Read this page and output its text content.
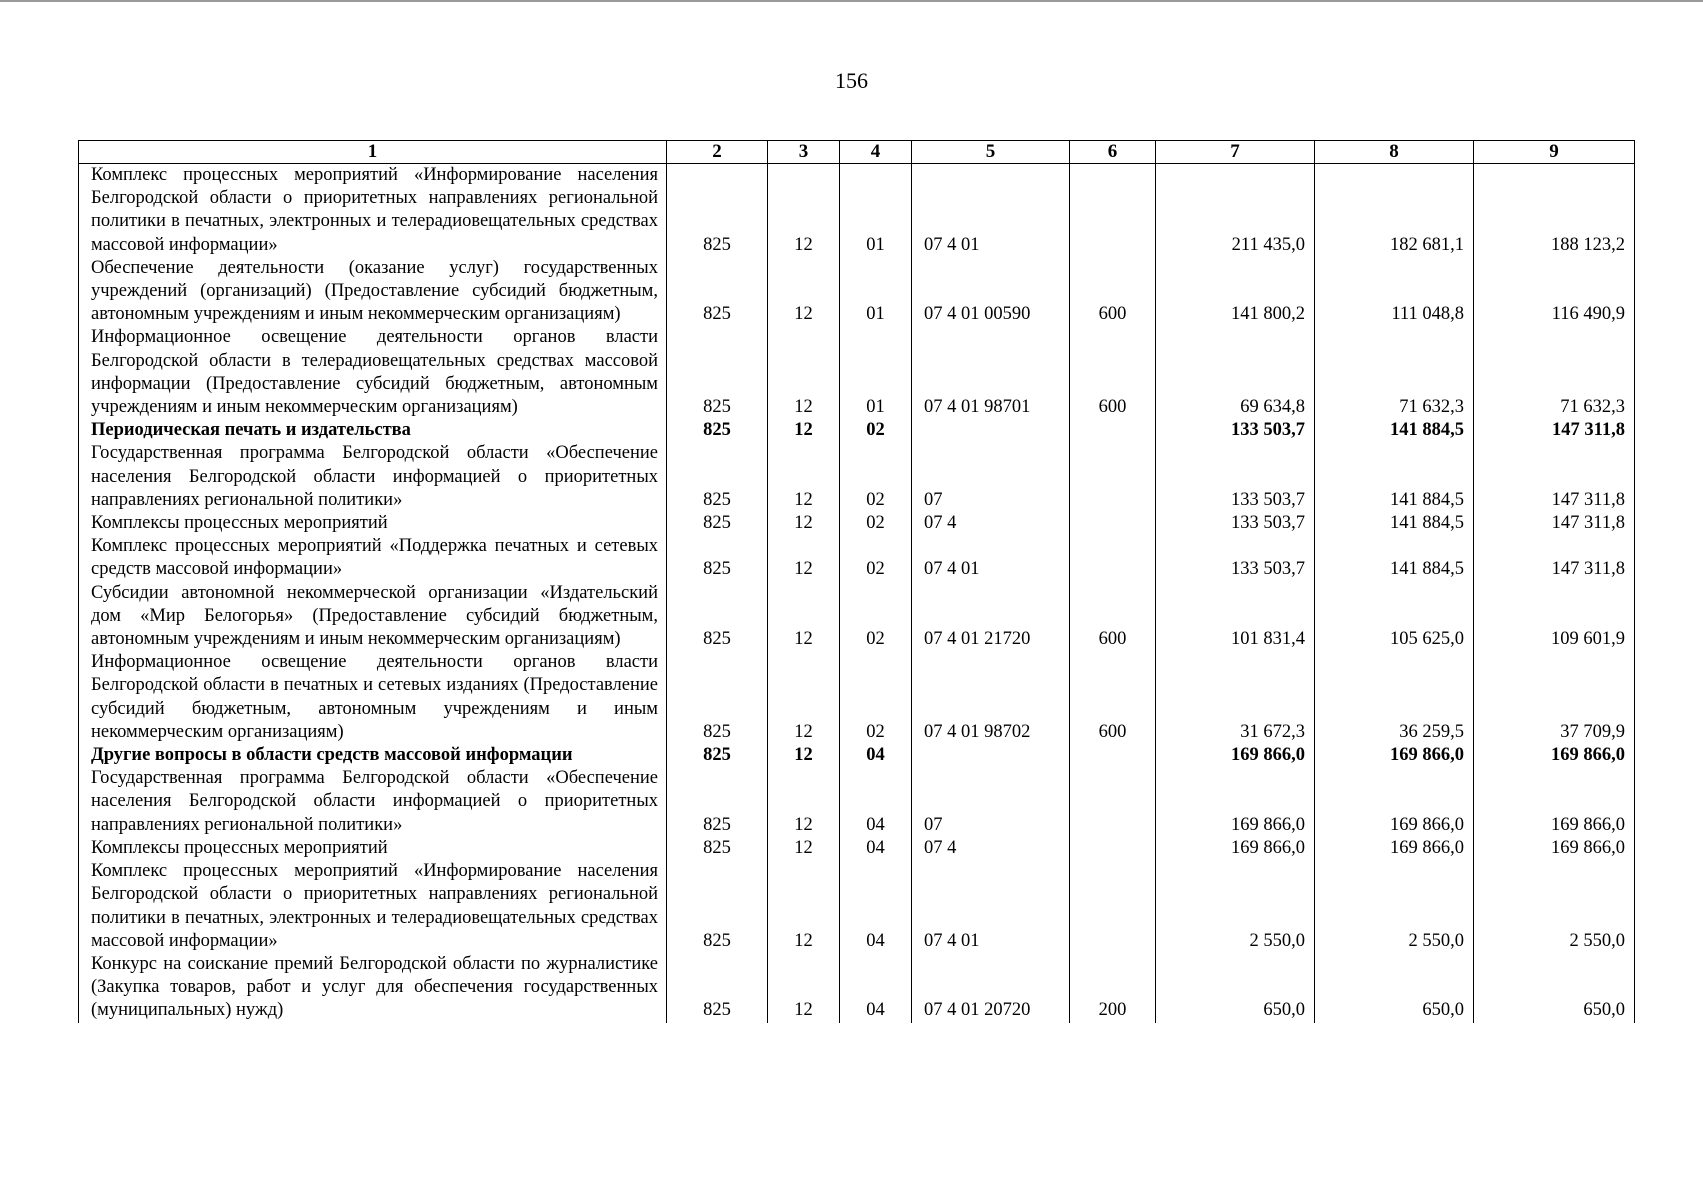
156
1	2	3	4	5	6	7	8	9
Комплекс процессных мероприятий «Информирование населения Белгородской области о приоритетных направлениях региональной политики в печатных, электронных и телерадиовещательных средствах массовой информации»	825	12	01	07 4 01		211 435,0	182 681,1	188 123,2
Обеспечение деятельности (оказание услуг) государственных учреждений (организаций) (Предоставление субсидий бюджетным, автономным учреждениям и иным некоммерческим организациям)	825	12	01	07 4 01 00590	600	141 800,2	111 048,8	116 490,9
Информационное освещение деятельности органов власти Белгородской области в телерадиовещательных средствах массовой информации (Предоставление субсидий бюджетным, автономным учреждениям и иным некоммерческим организациям)	825	12	01	07 4 01 98701	600	69 634,8	71 632,3	71 632,3
Периодическая печать и издательства	825	12	02			133 503,7	141 884,5	147 311,8
Государственная программа Белгородской области «Обеспечение населения Белгородской области информацией о приоритетных направлениях региональной политики»	825	12	02	07		133 503,7	141 884,5	147 311,8
Комплексы процессных мероприятий	825	12	02	07 4		133 503,7	141 884,5	147 311,8
Комплекс процессных мероприятий «Поддержка печатных и сетевых средств массовой информации»	825	12	02	07 4 01		133 503,7	141 884,5	147 311,8
Субсидии автономной некоммерческой организации «Издательский дом «Мир Белогорья» (Предоставление субсидий бюджетным, автономным учреждениям и иным некоммерческим организациям)	825	12	02	07 4 01 21720	600	101 831,4	105 625,0	109 601,9
Информационное освещение деятельности органов власти Белгородской области в печатных и сетевых изданиях (Предоставление субсидий бюджетным, автономным учреждениям и иным некоммерческим организациям)	825	12	02	07 4 01 98702	600	31 672,3	36 259,5	37 709,9
Другие вопросы в области средств массовой информации	825	12	04			169 866,0	169 866,0	169 866,0
Государственная программа Белгородской области «Обеспечение населения Белгородской области информацией о приоритетных направлениях региональной политики»	825	12	04	07		169 866,0	169 866,0	169 866,0
Комплексы процессных мероприятий	825	12	04	07 4		169 866,0	169 866,0	169 866,0
Комплекс процессных мероприятий «Информирование населения Белгородской области о приоритетных направлениях региональной политики в печатных, электронных и телерадиовещательных средствах массовой информации»	825	12	04	07 4 01		2 550,0	2 550,0	2 550,0
Конкурс на соискание премий Белгородской области по журналистике (Закупка товаров, работ и услуг для обеспечения государственных (муниципальных) нужд)	825	12	04	07 4 01 20720	200	650,0	650,0	650,0
